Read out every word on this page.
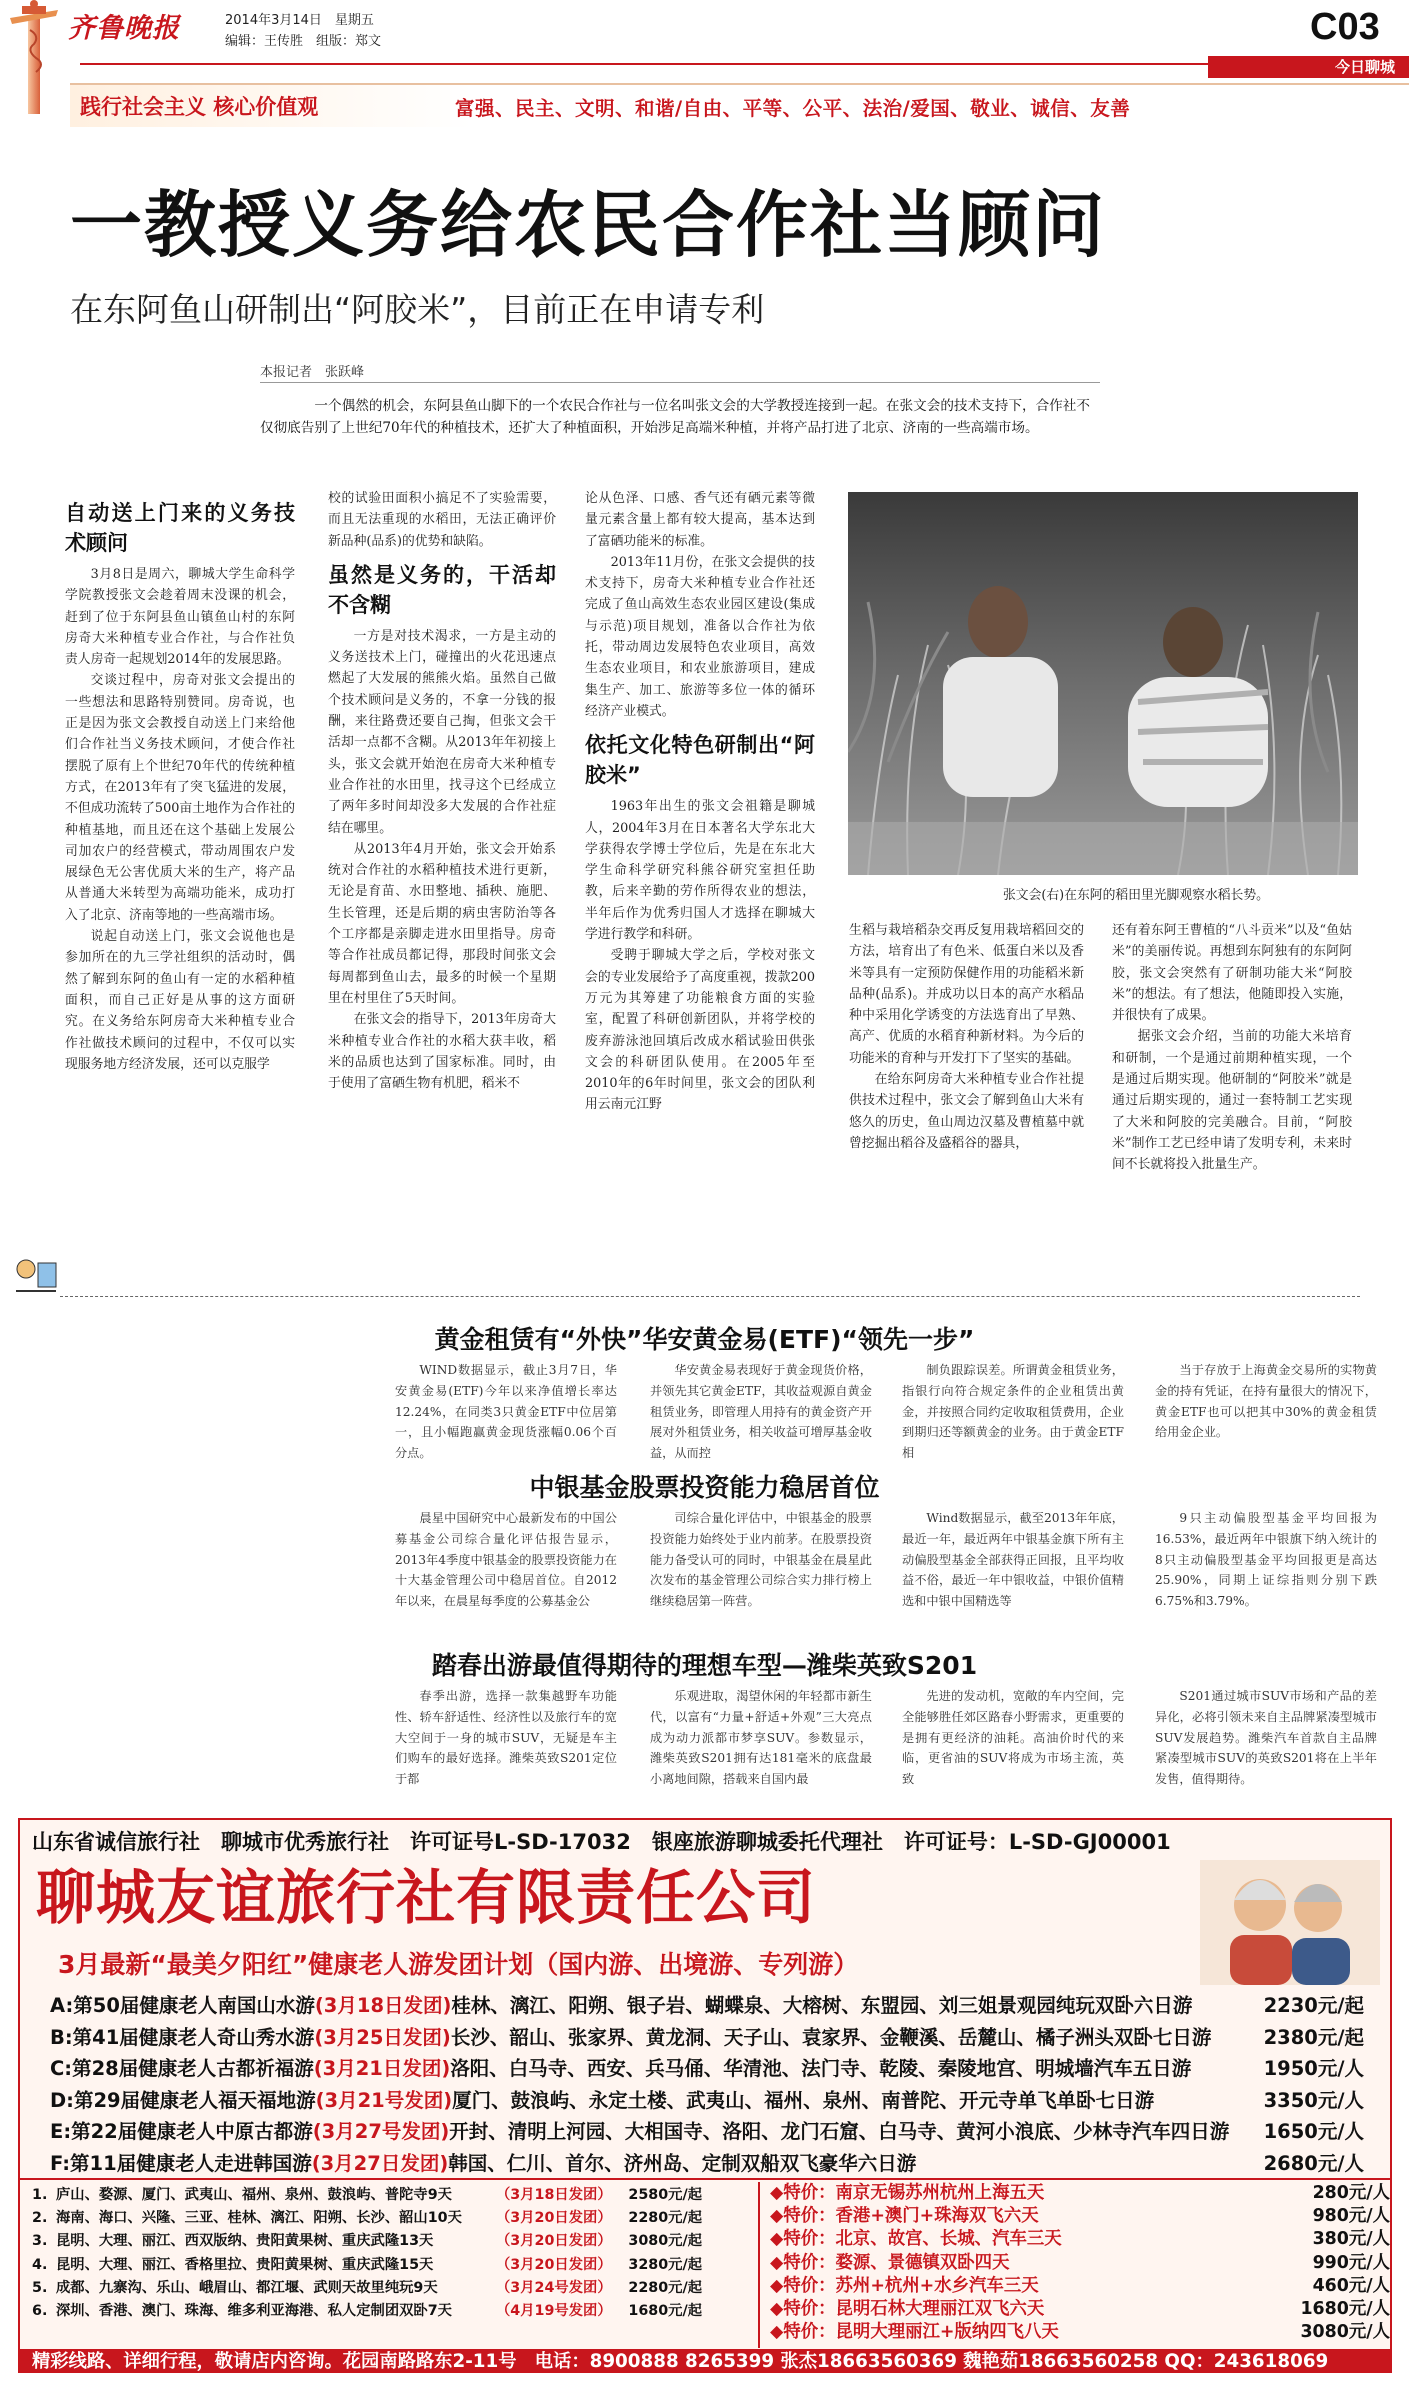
齐鲁晚报	2014年3月14日　星期五
编辑：王传胜　组版：郑文	C03
今日聊城
践行社会主义 核心价值观	富强、民主、文明、和谐/自由、平等、公平、法治/爱国、敬业、诚信、友善
一教授义务给农民合作社当顾问
在东阿鱼山研制出“阿胶米”，目前正在申请专利
本报记者　张跃峰
一个偶然的机会，东阿县鱼山脚下的一个农民合作社与一位名叫张文会的大学教授连接到一起。在张文会的技术支持下，合作社不仅彻底告别了上世纪70年代的种植技术，还扩大了种植面积，开始涉足高端米种植，并将产品打进了北京、济南的一些高端市场。
自动送上门来的义务技术顾问

3月8日是周六，聊城大学生命科学学院教授张文会趁着周末没课的机会，赶到了位于东阿县鱼山镇鱼山村的东阿房奇大米种植专业合作社，与合作社负责人房奇一起规划2014年的发展思路。

交谈过程中，房奇对张文会提出的一些想法和思路特别赞同。房奇说，也正是因为张文会教授自动送上门来给他们合作社当义务技术顾问，才使合作社摆脱了原有上个世纪70年代的传统种植方式，在2013年有了突飞猛进的发展，不但成功流转了500亩土地作为合作社的种植基地，而且还在这个基础上发展公司加农户的经营模式，带动周围农户发展绿色无公害优质大米的生产，将产品从普通大米转型为高端功能米，成功打入了北京、济南等地的一些高端市场。

说起自动送上门，张文会说他也是参加所在的九三学社组织的活动时，偶然了解到东阿的鱼山有一定的水稻种植面积，而自己正好是从事的这方面研究。在义务给东阿房奇大米种植专业合作社做技术顾问的过程中，不仅可以实现服务地方经济发展，还可以克服学

校的试验田面积小搞足不了实验需要，而且无法重现的水稻田，无法正确评价新品种(品系)的优势和缺陷。

虽然是义务的，干活却不含糊

一方是对技术渴求，一方是主动的义务送技术上门，碰撞出的火花迅速点燃起了大发展的熊熊火焰。虽然自己做个技术顾问是义务的，不拿一分钱的报酬，来往路费还要自己掏，但张文会干活却一点都不含糊。从2013年年初接上头，张文会就开始泡在房奇大米种植专业合作社的水田里，找寻这个已经成立了两年多时间却没多大发展的合作社症结在哪里。

从2013年4月开始，张文会开始系统对合作社的水稻种植技术进行更新，无论是育苗、水田整地、插秧、施肥、生长管理，还是后期的病虫害防治等各个工序都是亲脚走进水田里指导。房奇等合作社成员都记得，那段时间张文会每周都到鱼山去，最多的时候一个星期里在村里住了5天时间。

在张文会的指导下，2013年房奇大米种植专业合作社的水稻大获丰收，稻米的品质也达到了国家标准。同时，由于使用了富硒生物有机肥，稻米不

论从色泽、口感、香气还有硒元素等微量元素含量上都有较大提高，基本达到了富硒功能米的标准。

2013年11月份，在张文会提供的技术支持下，房奇大米种植专业合作社还完成了鱼山高效生态农业园区建设(集成与示范)项目规划，准备以合作社为依托，带动周边发展特色农业项目，高效生态农业项目，和农业旅游项目，建成集生产、加工、旅游等多位一体的循环经济产业模式。

依托文化特色研制出“阿胶米”

1963年出生的张文会祖籍是聊城人，2004年3月在日本著名大学东北大学获得农学博士学位后，先是在东北大学生命科学研究科熊谷研究室担任助教，后来辛勤的劳作所得农业的想法，半年后作为优秀归国人才选择在聊城大学进行教学和科研。

受聘于聊城大学之后，学校对张文会的专业发展给予了高度重视，拨款200万元为其筹建了功能粮食方面的实验室，配置了科研创新团队，并将学校的废弃游泳池回填后改成水稻试验田供张文会的科研团队使用。在2005年至2010年的6年时间里，张文会的团队利用云南元江野

张文会(右)在东阿的稻田里光脚观察水稻长势。

生稻与栽培稻杂交再反复用栽培稻回交的方法，培育出了有色米、低蛋白米以及香米等具有一定预防保健作用的功能稻米新品种(品系)。并成功以日本的高产水稻品种中采用化学诱变的方法选育出了早熟、高产、优质的水稻育种新材料。为今后的功能米的育种与开发打下了坚实的基础。

在给东阿房奇大米种植专业合作社提供技术过程中，张文会了解到鱼山大米有悠久的历史，鱼山周边汉墓及曹植墓中就曾挖掘出稻谷及盛稻谷的器具，

还有着东阿王曹植的“八斗贡米”以及“鱼姑米”的美丽传说。再想到东阿独有的东阿阿胶，张文会突然有了研制功能大米“阿胶米”的想法。有了想法，他随即投入实施，并很快有了成果。

据张文会介绍，当前的功能大米培育和研制，一个是通过前期种植实现，一个是通过后期实现。他研制的“阿胶米”就是通过后期实现的，通过一套特制工艺实现了大米和阿胶的完美融合。目前，“阿胶米”制作工艺已经申请了发明专利，未来时间不长就将投入批量生产。

黄金租赁有“外快”华安黄金易(ETF)“领先一步”

WIND数据显示，截止3月7日，华安黄金易(ETF)今年以来净值增长率达12.24%，在同类3只黄金ETF中位居第一，且小幅跑赢黄金现货涨幅0.06个百分点。

华安黄金易表现好于黄金现货价格，并领先其它黄金ETF，其收益观源自黄金租赁业务，即管理人用持有的黄金资产开展对外租赁业务，相关收益可增厚基金收益，从而控

制负跟踪误差。所谓黄金租赁业务，指银行向符合规定条件的企业租赁出黄金，并按照合同约定收取租赁费用，企业到期归还等额黄金的业务。由于黄金ETF相

当于存放于上海黄金交易所的实物黄金的持有凭证，在持有量很大的情况下，黄金ETF也可以把其中30%的黄金租赁给用金企业。

中银基金股票投资能力稳居首位

晨星中国研究中心最新发布的中国公募基金公司综合量化评估报告显示，2013年4季度中银基金的股票投资能力在十大基金管理公司中稳居首位。自2012年以来，在晨星每季度的公募基金公

司综合量化评估中，中银基金的股票投资能力始终处于业内前茅。在股票投资能力备受认可的同时，中银基金在晨星此次发布的基金管理公司综合实力排行榜上继续稳居第一阵营。

Wind数据显示，截至2013年年底，最近一年，最近两年中银基金旗下所有主动偏股型基金全部获得正回报，且平均收益不俗，最近一年中银收益，中银价值精选和中银中国精选等

9只主动偏股型基金平均回报为16.53%，最近两年中银旗下纳入统计的8只主动偏股型基金平均回报更是高达25.90%，同期上证综指则分别下跌6.75%和3.79%。

踏春出游最值得期待的理想车型—潍柴英致S201

春季出游，选择一款集越野车功能性、轿车舒适性、经济性以及旅行车的宽大空间于一身的城市SUV，无疑是车主们购车的最好选择。潍柴英致S201定位于都

乐观进取，渴望休闲的年轻都市新生代，以富有“力量+舒适+外观”三大亮点成为动力派都市梦享SUV。参数显示，潍柴英致S201拥有达181毫米的底盘最小离地间隙，搭载来自国内最

先进的发动机，宽敞的车内空间，完全能够胜任郊区路春小野需求，更重要的是拥有更经济的油耗。高油价时代的来临，更省油的SUV将成为市场主流，英致

S201通过城市SUV市场和产品的差异化，必将引领未来自主品牌紧凑型城市SUV发展趋势。潍柴汽车首款自主品牌紧凑型城市SUV的英致S201将在上半年发售，值得期待。

山东省诚信旅行社　聊城市优秀旅行社　许可证号L-SD-17032　银座旅游聊城委托代理社　许可证号：L-SD-GJ00001
聊城友谊旅行社有限责任公司
3月最新“最美夕阳红”健康老人游发团计划（国内游、出境游、专列游）
A:第50届健康老人南国山水游(3月18日发团)桂林、漓江、阳朔、银子岩、蝴蝶泉、大榕树、东盟园、刘三姐景观园纯玩双卧六日游	2230元/起
B:第41届健康老人奇山秀水游(3月25日发团)长沙、韶山、张家界、黄龙洞、天子山、袁家界、金鞭溪、岳麓山、橘子洲头双卧七日游	2380元/起
C:第28届健康老人古都祈福游(3月21日发团)洛阳、白马寺、西安、兵马俑、华清池、法门寺、乾陵、秦陵地宫、明城墙汽车五日游	1950元/人
D:第29届健康老人福天福地游(3月21号发团)厦门、鼓浪屿、永定土楼、武夷山、福州、泉州、南普陀、开元寺单飞单卧七日游	3350元/人
E:第22届健康老人中原古都游(3月27号发团)开封、清明上河园、大相国寺、洛阳、龙门石窟、白马寺、黄河小浪底、少林寺汽车四日游	1650元/人
F:第11届健康老人走进韩国游(3月27日发团)韩国、仁川、首尔、济州岛、定制双船双飞豪华六日游	2680元/人
1. 庐山、婺源、厦门、武夷山、福州、泉州、鼓浪屿、普陀寺9天	（3月18日发团）	2580元/起
2. 海南、海口、兴隆、三亚、桂林、漓江、阳朔、长沙、韶山10天	（3月20日发团）	2280元/起
3. 昆明、大理、丽江、西双版纳、贵阳黄果树、重庆武隆13天	（3月20日发团）	3080元/起
4. 昆明、大理、丽江、香格里拉、贵阳黄果树、重庆武隆15天	（3月20日发团）	3280元/起
5. 成都、九寨沟、乐山、峨眉山、都江堰、武则天故里纯玩9天	（3月24号发团）	2280元/起
6. 深圳、香港、澳门、珠海、维多利亚海港、私人定制团双卧7天	（4月19号发团）	1680元/起
◆特价：南京无锡苏州杭州上海五天	280元/人
◆特价：香港+澳门+珠海双飞六天	980元/人
◆特价：北京、故宫、长城、汽车三天	380元/人
◆特价：婺源、景德镇双卧四天	990元/人
◆特价：苏州+杭州+水乡汽车三天	460元/人
◆特价：昆明石林大理丽江双飞六天	1680元/人
◆特价：昆明大理丽江+版纳四飞八天	3080元/人
精彩线路、详细行程，敬请店内咨询。花园南路路东2-11号　电话：8900888 8265399 张杰18663560369 魏艳茹18663560258 QQ：243618069
